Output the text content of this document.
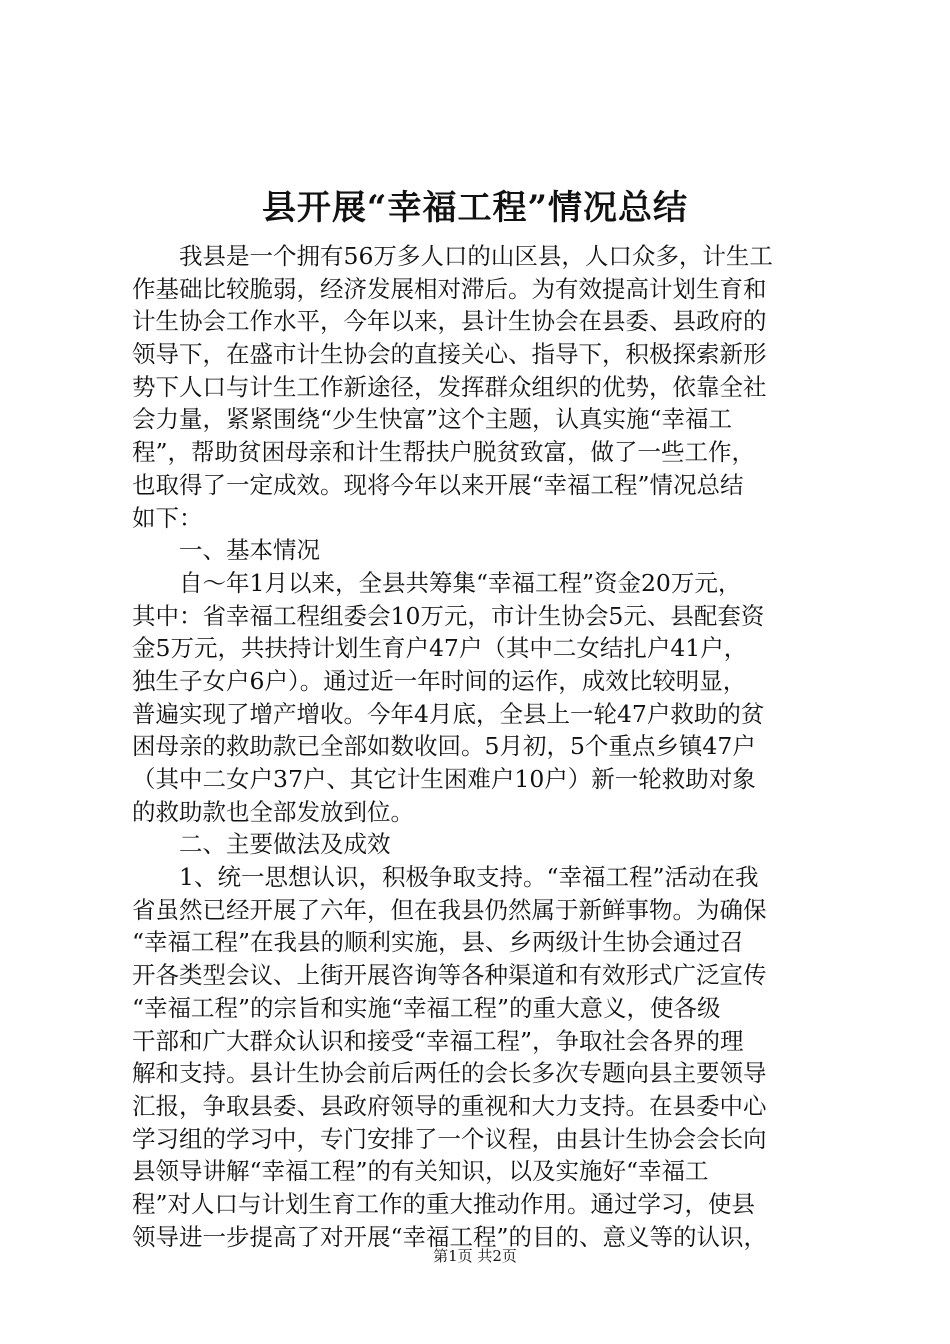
县开展“幸福工程”情况总结
　　我县是一个拥有56万多人口的山区县，人口众多，计生工
作基础比较脆弱，经济发展相对滞后。为有效提高计划生育和
计生协会工作水平，今年以来，县计生协会在县委、县政府的
领导下，在盛市计生协会的直接关心、指导下，积极探索新形
势下人口与计生工作新途径，发挥群众组织的优势，依靠全社
会力量，紧紧围绕“少生快富”这个主题，认真实施“幸福工
程”，帮助贫困母亲和计生帮扶户脱贫致富，做了一些工作，
也取得了一定成效。现将今年以来开展“幸福工程”情况总结
如下：
　　一、基本情况
　　自～年1月以来，全县共筹集“幸福工程”资金20万元，
其中：省幸福工程组委会10万元，市计生协会5元、县配套资
金5万元，共扶持计划生育户47户（其中二女结扎户41户，
独生子女户6户）。通过近一年时间的运作，成效比较明显，
普遍实现了增产增收。今年4月底，全县上一轮47户救助的贫
困母亲的救助款已全部如数收回。5月初，5个重点乡镇47户
（其中二女户37户、其它计生困难户10户）新一轮救助对象
的救助款也全部发放到位。
　　二、主要做法及成效
　　1、统一思想认识，积极争取支持。“幸福工程”活动在我
省虽然已经开展了六年，但在我县仍然属于新鲜事物。为确保
“幸福工程”在我县的顺利实施，县、乡两级计生协会通过召
开各类型会议、上街开展咨询等各种渠道和有效形式广泛宣传
“幸福工程”的宗旨和实施“幸福工程”的重大意义，使各级
干部和广大群众认识和接受“幸福工程”，争取社会各界的理
解和支持。县计生协会前后两任的会长多次专题向县主要领导
汇报，争取县委、县政府领导的重视和大力支持。在县委中心
学习组的学习中，专门安排了一个议程，由县计生协会会长向
县领导讲解“幸福工程”的有关知识，以及实施好“幸福工
程”对人口与计划生育工作的重大推动作用。通过学习，使县
领导进一步提高了对开展“幸福工程”的目的、意义等的认识，
第1页 共2页
